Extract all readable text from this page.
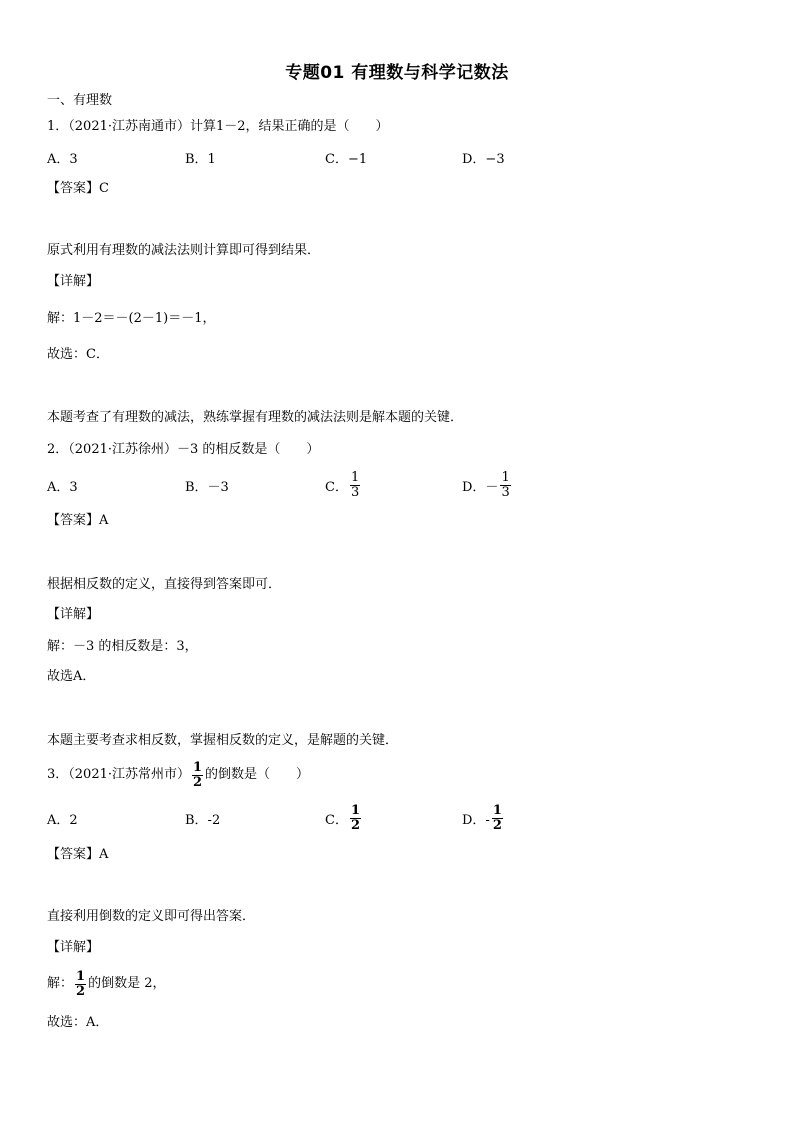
专题01 有理数与科学记数法
一、有理数
1．（2021·江苏南通市）计算1－2，结果正确的是（　　）
A．3	B．1	C．−1	D．−3
【答案】C
原式利用有理数的减法法则计算即可得到结果．
【详解】
解：1－2＝－(2－1)＝－1，
故选：C．
本题考查了有理数的减法，熟练掌握有理数的减法法则是解本题的关键．
2．（2021·江苏徐州）－3 的相反数是（　　）
A．3	B．－3	C． $\frac{1}{3}$	D．－ $\frac{1}{3}$
【答案】A
根据相反数的定义，直接得到答案即可．
【详解】
解：－3 的相反数是：3，
故选A．
本题主要考查求相反数，掌握相反数的定义，是解题的关键．
3．（2021·江苏常州市） $\frac{1}{2}$ 的倒数是（　　）
A．2	B．-2	C． $\frac{1}{2}$	D．- $\frac{1}{2}$
【答案】A
直接利用倒数的定义即可得出答案．
【详解】
解： $\frac{1}{2}$ 的倒数是 2，
故选：A．
